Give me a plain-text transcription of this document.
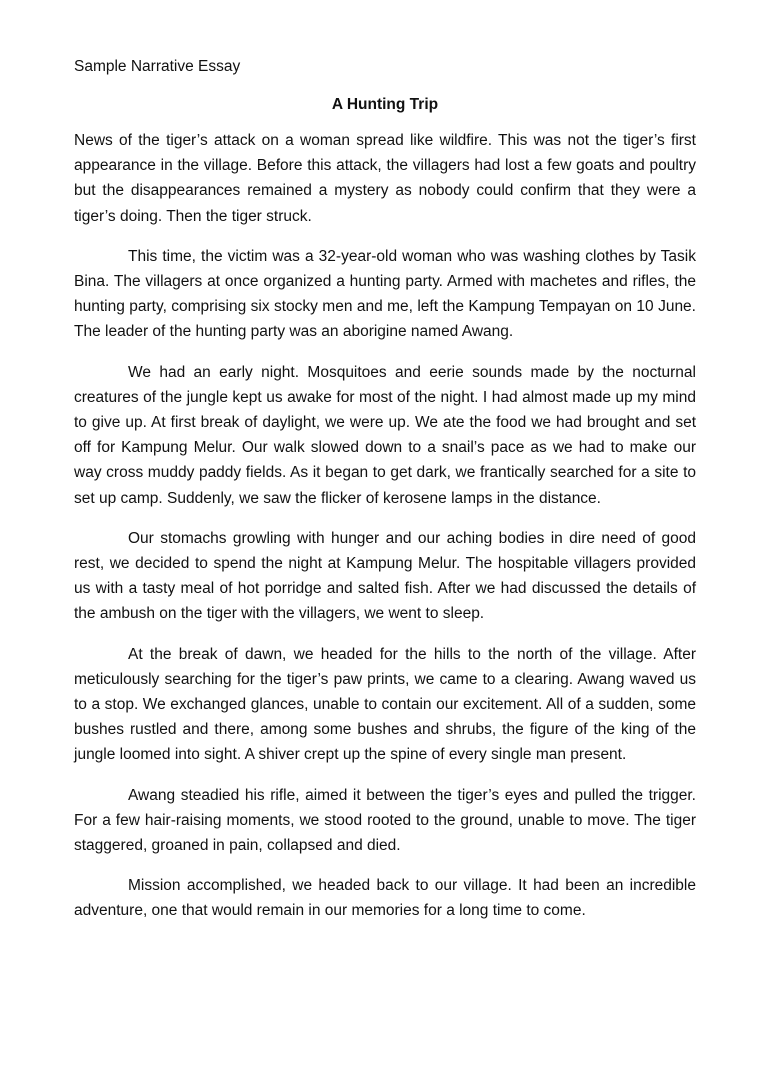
Sample Narrative Essay
A Hunting Trip

News of the tiger’s attack on a woman spread like wildfire. This was not the tiger’s first appearance in the village. Before this attack, the villagers had lost a few goats and poultry but the disappearances remained a mystery as nobody could confirm that they were a tiger’s doing. Then the tiger struck.

This time, the victim was a 32-year-old woman who was washing clothes by Tasik Bina. The villagers at once organized a hunting party. Armed with machetes and rifles, the hunting party, comprising six stocky men and me, left the Kampung Tempayan on 10 June. The leader of the hunting party was an aborigine named Awang.

We had an early night. Mosquitoes and eerie sounds made by the nocturnal creatures of the jungle kept us awake for most of the night. I had almost made up my mind to give up. At first break of daylight, we were up. We ate the food we had brought and set off for Kampung Melur. Our walk slowed down to a snail’s pace as we had to make our way cross muddy paddy fields. As it began to get dark, we frantically searched for a site to set up camp. Suddenly, we saw the flicker of kerosene lamps in the distance.

Our stomachs growling with hunger and our aching bodies in dire need of good rest, we decided to spend the night at Kampung Melur. The hospitable villagers provided us with a tasty meal of hot porridge and salted fish. After we had discussed the details of the ambush on the tiger with the villagers, we went to sleep.

At the break of dawn, we headed for the hills to the north of the village. After meticulously searching for the tiger’s paw prints, we came to a clearing. Awang waved us to a stop. We exchanged glances, unable to contain our excitement. All of a sudden, some bushes rustled and there, among some bushes and shrubs, the figure of the king of the jungle loomed into sight. A shiver crept up the spine of every single man present.

Awang steadied his rifle, aimed it between the tiger’s eyes and pulled the trigger. For a few hair-raising moments, we stood rooted to the ground, unable to move. The tiger staggered, groaned in pain, collapsed and died.

Mission accomplished, we headed back to our village. It had been an incredible adventure, one that would remain in our memories for a long time to come.
